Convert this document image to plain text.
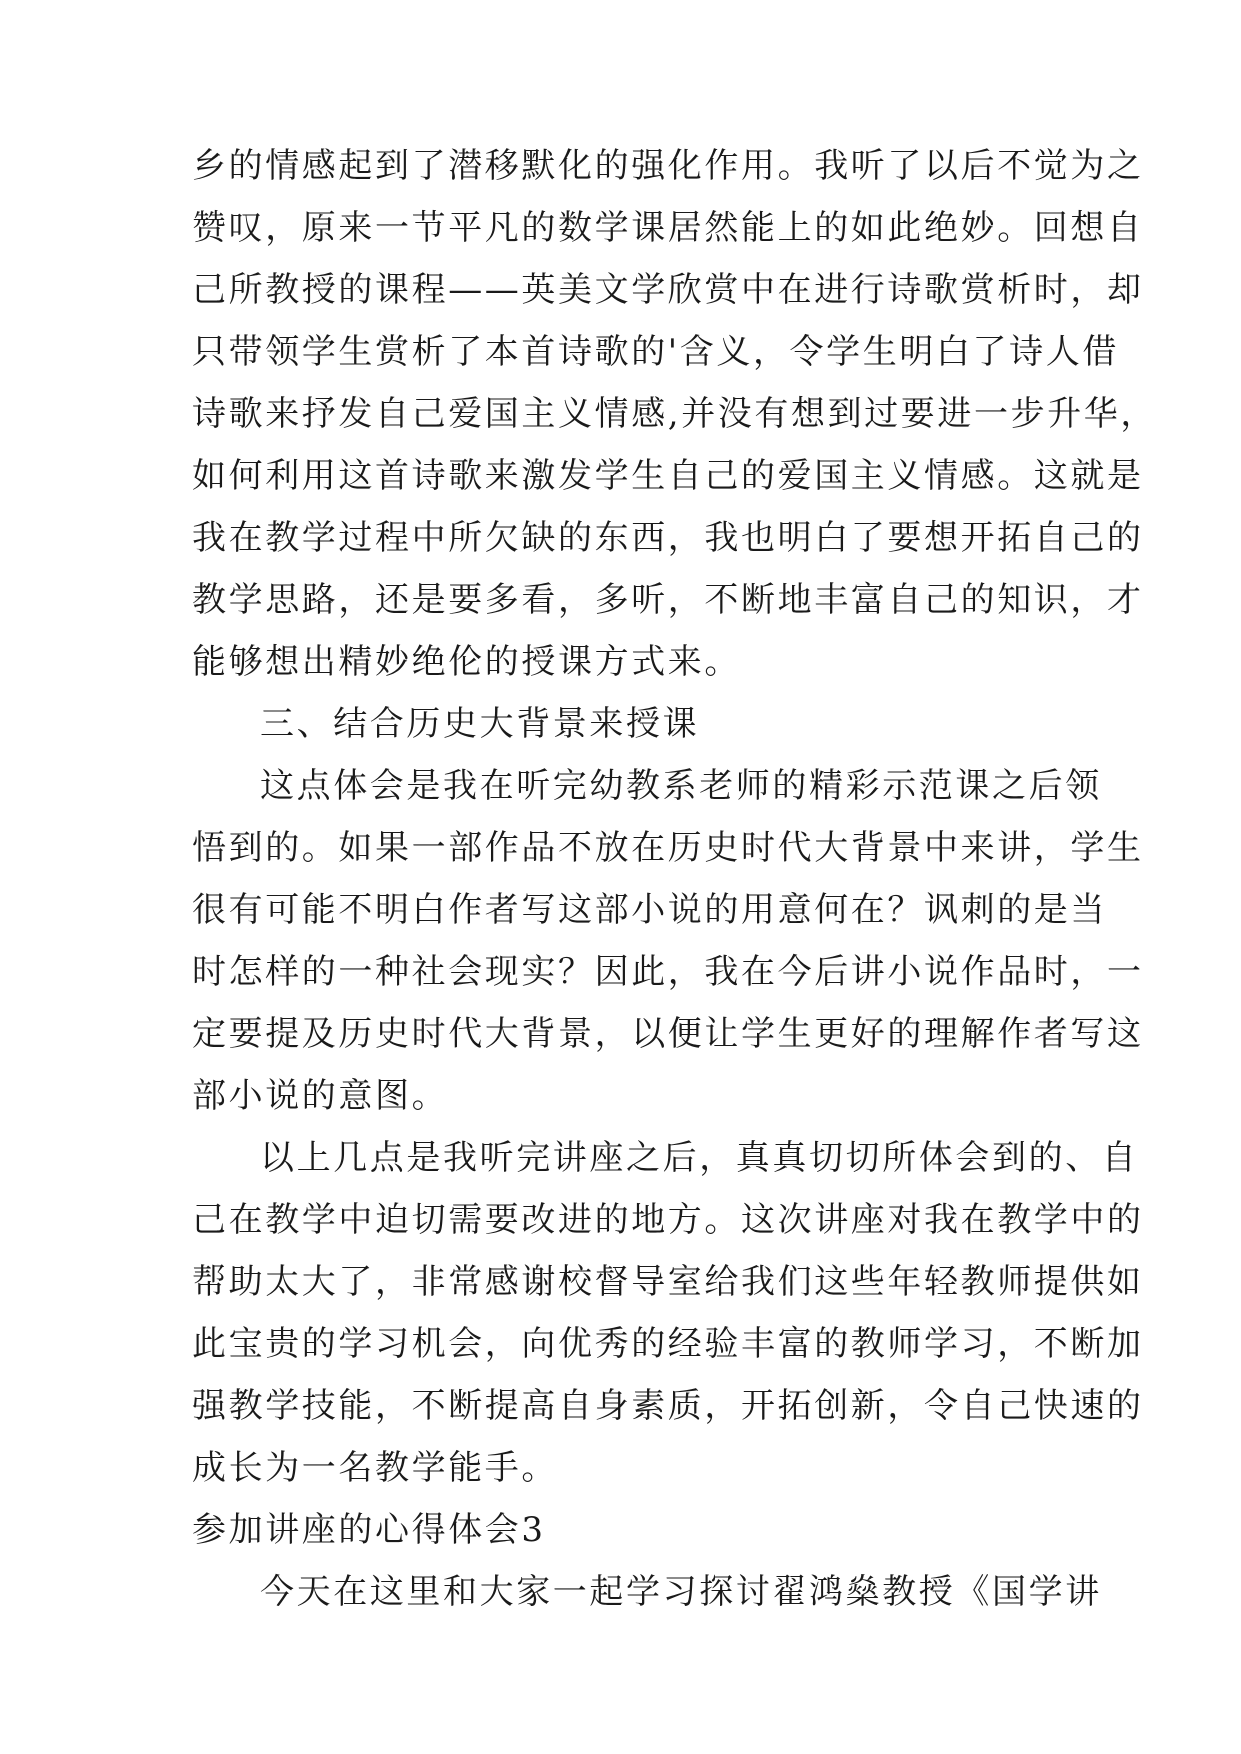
乡的情感起到了潜移默化的强化作用。我听了以后不觉为之
赞叹，原来一节平凡的数学课居然能上的如此绝妙。回想自
己所教授的课程——英美文学欣赏中在进行诗歌赏析时，却
只带领学生赏析了本首诗歌的'含义，令学生明白了诗人借
诗歌来抒发自己爱国主义情感,并没有想到过要进一步升华，
如何利用这首诗歌来激发学生自己的爱国主义情感。这就是
我在教学过程中所欠缺的东西，我也明白了要想开拓自己的
教学思路，还是要多看，多听，不断地丰富自己的知识，才
能够想出精妙绝伦的授课方式来。
三、结合历史大背景来授课
这点体会是我在听完幼教系老师的精彩示范课之后领
悟到的。如果一部作品不放在历史时代大背景中来讲，学生
很有可能不明白作者写这部小说的用意何在？讽刺的是当
时怎样的一种社会现实？因此，我在今后讲小说作品时，一
定要提及历史时代大背景，以便让学生更好的理解作者写这
部小说的意图。
以上几点是我听完讲座之后，真真切切所体会到的、自
己在教学中迫切需要改进的地方。这次讲座对我在教学中的
帮助太大了，非常感谢校督导室给我们这些年轻教师提供如
此宝贵的学习机会，向优秀的经验丰富的教师学习，不断加
强教学技能，不断提高自身素质，开拓创新，令自己快速的
成长为一名教学能手。
参加讲座的心得体会3
今天在这里和大家一起学习探讨翟鸿燊教授《国学讲
